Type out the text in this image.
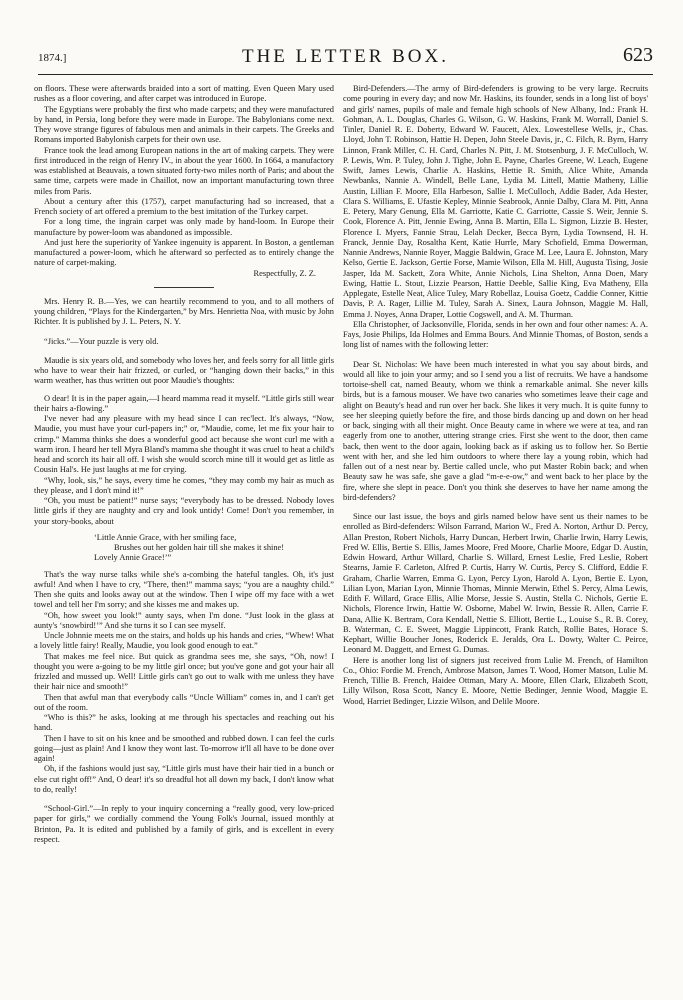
1874.]	THE LETTER BOX.	623

on floors. These were afterwards braided into a sort of matting. Even Queen Mary used rushes as a floor covering, and after carpet was introduced in Europe.

The Egyptians were probably the first who made carpets; and they were manufactured by hand, in Persia, long before they were made in Europe. The Babylonians come next. They wove strange figures of fabulous men and animals in their carpets. The Greeks and Romans imported Babylonish carpets for their own use.

France took the lead among European nations in the art of making carpets. They were first introduced in the reign of Henry IV., in about the year 1600. In 1664, a manufactory was established at Beauvais, a town situated forty-two miles north of Paris; and about the same time, carpets were made in Chaillot, now an important manufacturing town three miles from Paris.

About a century after this (1757), carpet manufacturing had so increased, that a French society of art offered a premium to the best imitation of the Turkey carpet.

For a long time, the ingrain carpet was only made by hand-loom. In Europe their manufacture by power-loom was abandoned as impossible.

And just here the superiority of Yankee ingenuity is apparent. In Boston, a gentleman manufactured a power-loom, which he afterward so perfected as to entirely change the nature of carpet-making.

Respectfully, Z. Z.

Mrs. Henry R. B.—Yes, we can heartily recommend to you, and to all mothers of young children, “Plays for the Kindergarten,” by Mrs. Henrietta Noa, with music by John Richter. It is published by J. L. Peters, N. Y.

“Jicks.”—Your puzzle is very old.

Maudie is six years old, and somebody who loves her, and feels sorry for all little girls who have to wear their hair frizzed, or curled, or “hanging down their backs,” in this warm weather, has thus written out poor Maudie's thoughts:

O dear! It is in the paper again,—I heard mamma read it myself. “Little girls still wear their hairs a-flowing.”

I've never had any pleasure with my head since I can rec'lect. It's always, “Now, Maudie, you must have your curl-papers in;” or, “Maudie, come, let me fix your hair to crimp.” Mamma thinks she does a wonderful good act because she wont curl me with a warm iron. I heard her tell Myra Bland's mamma she thought it was cruel to heat a child's head and scorch its hair all off. I wish she would scorch mine till it would get as little as Cousin Hal's. He just laughs at me for crying.

“Why, look, sis,” he says, every time he comes, “they may comb my hair as much as they please, and I don't mind it!”

“Oh, you must be patient!” nurse says; “everybody has to be dressed. Nobody loves little girls if they are naughty and cry and look untidy! Come! Don't you remember, in your story-books, about

‘Little Annie Grace, with her smiling face,

Brushes out her golden hair till she makes it shine!

Lovely Annie Grace!’”

That's the way nurse talks while she's a-combing the hateful tangles. Oh, it's just awful! And when I have to cry, “There, then!” mamma says; “you are a naughty child.” Then she quits and looks away out at the window. Then I wipe off my face with a wet towel and tell her I'm sorry; and she kisses me and makes up.

“Oh, how sweet you look!” aunty says, when I'm done. “Just look in the glass at aunty's ‘snowbird!’” And she turns it so I can see myself.

Uncle Johnnie meets me on the stairs, and holds up his hands and cries, “Whew! What a lovely little fairy! Really, Maudie, you look good enough to eat.”

That makes me feel nice. But quick as grandma sees me, she says, “Oh, now! I thought you were a-going to be my little girl once; but you've gone and got your hair all frizzled and mussed up. Well! Little girls can't go out to walk with me unless they have their hair nice and smooth!”

Then that awful man that everybody calls “Uncle William” comes in, and I can't get out of the room.

“Who is this?” he asks, looking at me through his spectacles and reaching out his hand.

Then I have to sit on his knee and be smoothed and rubbed down. I can feel the curls going—just as plain! And I know they wont last. To-morrow it'll all have to be done over again!

Oh, if the fashions would just say, “Little girls must have their hair tied in a bunch or else cut right off!” And, O dear! it's so dreadful hot all down my back, I don't know what to do, really!

“School-Girl.”—In reply to your inquiry concerning a “really good, very low-priced paper for girls,” we cordially commend the Young Folk's Journal, issued monthly at Brinton, Pa. It is edited and published by a family of girls, and is excellent in every respect.

Bird-Defenders.—The army of Bird-defenders is growing to be very large. Recruits come pouring in every day; and now Mr. Haskins, its founder, sends in a long list of boys' and girls' names, pupils of male and female high schools of New Albany, Ind.: Frank H. Gohman, A. L. Douglas, Charles G. Wilson, G. W. Haskins, Frank M. Worrall, Daniel S. Tinler, Daniel R. E. Doberty, Edward W. Faucett, Alex. Lowestellese Wells, jr., Chas. Lloyd, John T. Robinson, Hattie H. Depen, John Steele Davis, jr., C. Filch, R. Byrn, Harry Linnon, Frank Miller, C. H. Card, Charles N. Pitt, J. M. Stotsenburg, J. F. McCulloch, W. P. Lewis, Wm. P. Tuley, John J. Tighe, John E. Payne, Charles Greene, W. Leach, Eugene Swift, James Lewis, Charlie A. Haskins, Hettie R. Smith, Alice White, Amanda Newbanks, Nannie A. Windell, Belle Lane, Lydia M. Littell, Mattie Matheny, Lillie Austin, Lillian F. Moore, Ella Harbeson, Sallie I. McCulloch, Addie Bader, Ada Hester, Clara S. Williams, E. Ufastie Kepley, Minnie Seabrook, Annie Dalby, Clara M. Pitt, Anna E. Petery, Mary Genung, Ella M. Garriotte, Katie C. Garriotte, Cassie S. Weir, Jennie S. Cook, Florence A. Pitt, Jennie Ewing, Anna B. Martin, Ella L. Sigmon, Lizzie B. Hester, Florence I. Myers, Fannie Strau, Lelah Decker, Becca Byrn, Lydia Townsend, H. H. Franck, Jennie Day, Rosaltha Kent, Katie Hurrle, Mary Schofield, Emma Dowerman, Nannie Andrews, Nannie Royer, Maggie Baldwin, Grace M. Lee, Laura E. Johnston, Mary Kelso, Gertie E. Jackson, Gertie Forse, Mamie Wilson, Ella M. Hill, Augusta Tising, Josie Jasper, Ida M. Sackett, Zora White, Annie Nichols, Lina Shelton, Anna Doen, Mary Ewing, Hattie L. Stout, Lizzie Pearson, Hattie Deeble, Sallie King, Eva Matheny, Ella Applegate, Estelle Neat, Alice Tuley, Mary Robellaz, Louisa Goetz, Caddie Conner, Kittie Davis, P. A. Rager, Lillie M. Tuley, Sarah A. Sinex, Laura Johnson, Maggie M. Hall, Emma J. Noyes, Anna Draper, Lottie Cogswell, and A. M. Thurman.

Ella Christopher, of Jacksonville, Florida, sends in her own and four other names: A. A. Fays, Josie Philips, Ida Holmes and Emma Bours. And Minnie Thomas, of Boston, sends a long list of names with the following letter:

Dear St. Nicholas: We have been much interested in what you say about birds, and would all like to join your army; and so I send you a list of recruits. We have a handsome tortoise-shell cat, named Beauty, whom we think a remarkable animal. She never kills birds, but is a famous mouser. We have two canaries who sometimes leave their cage and alight on Beauty's head and run over her back. She likes it very much. It is quite funny to see her sleeping quietly before the fire, and those birds dancing up and down on her head or back, singing with all their might. Once Beauty came in where we were at tea, and ran eagerly from one to another, uttering strange cries. First she went to the door, then came back, then went to the door again, looking back as if asking us to follow her. So Bertie went with her, and she led him outdoors to where there lay a young robin, which had fallen out of a nest near by. Bertie called uncle, who put Master Robin back; and when Beauty saw he was safe, she gave a glad “m-e-e-ow,” and went back to her place by the fire, where she slept in peace. Don't you think she deserves to have her name among the bird-defenders?

Since our last issue, the boys and girls named below have sent us their names to be enrolled as Bird-defenders: Wilson Farrand, Marion W., Fred A. Norton, Arthur D. Percy, Allan Preston, Robert Nichols, Harry Duncan, Herbert Irwin, Charlie Irwin, Harry Lewis, Fred W. Ellis, Bertie S. Ellis, James Moore, Fred Moore, Charlie Moore, Edgar D. Austin, Edwin Howard, Arthur Willard, Charlie S. Willard, Ernest Leslie, Fred Leslie, Robert Stearns, Jamie F. Carleton, Alfred P. Curtis, Harry W. Curtis, Percy S. Clifford, Eddie F. Graham, Charlie Warren, Emma G. Lyon, Percy Lyon, Harold A. Lyon, Bertie E. Lyon, Lilian Lyon, Marian Lyon, Minnie Thomas, Minnie Merwin, Ethel S. Percy, Alma Lewis, Edith F. Willard, Grace Ellis, Allie Morse, Jessie S. Austin, Stella C. Nichols, Gertie E. Nichols, Florence Irwin, Hattie W. Osborne, Mabel W. Irwin, Bessie R. Allen, Carrie F. Dana, Allie K. Bertram, Cora Kendall, Nettie S. Elliott, Bertie L., Louise S., R. B. Corey, B. Waterman, C. E. Sweet, Maggie Lippincott, Frank Ratch, Rollie Bates, Horace S. Kephart, Willie Boucher Jones, Roderick E. Jeralds, Ora L. Dowty, Walter C. Peirce, Leonard M. Daggett, and Ernest G. Dumas.

Here is another long list of signers just received from Lulie M. French, of Hamilton Co., Ohio: Fordie M. French, Ambrose Matson, James T. Wood, Homer Matson, Lulie M. French, Tillie B. French, Haidee Ottman, Mary A. Moore, Ellen Clark, Elizabeth Scott, Lilly Wilson, Rosa Scott, Nancy E. Moore, Nettie Bedinger, Jennie Wood, Maggie E. Wood, Harriet Bedinger, Lizzie Wilson, and Delile Moore.
